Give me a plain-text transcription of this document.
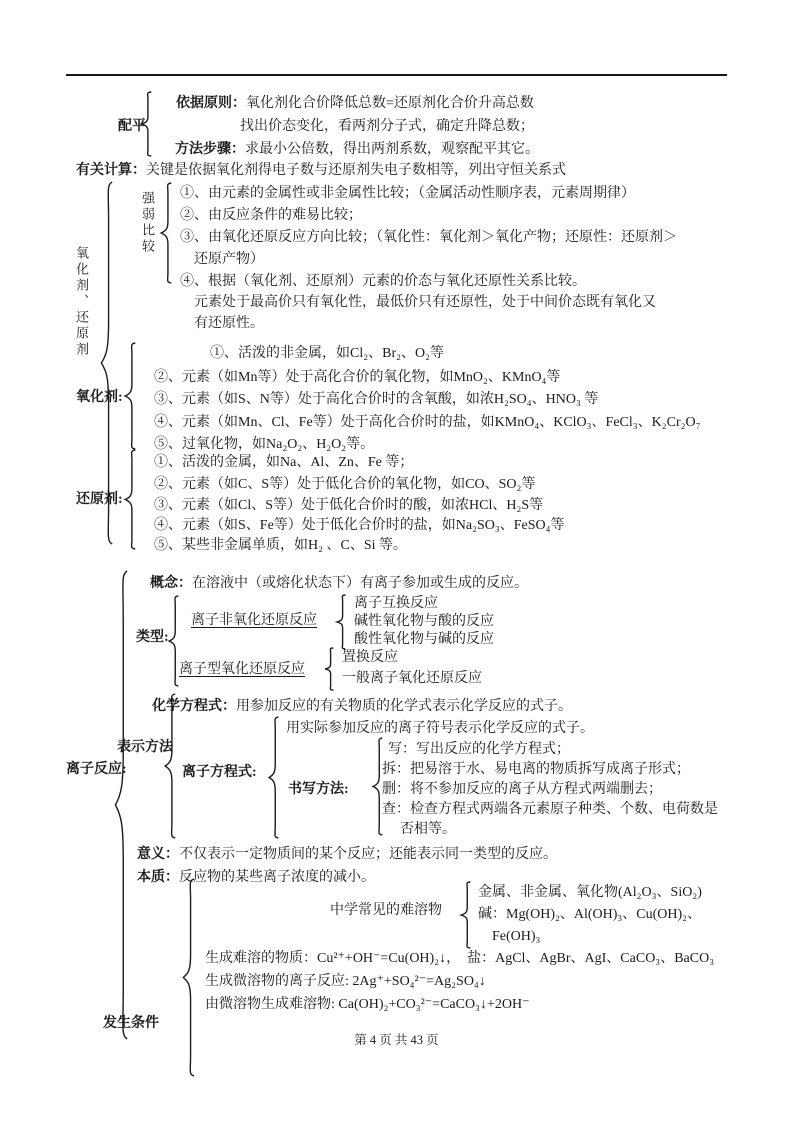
配平
依据原则：氧化剂化合价降低总数=还原剂化合价升高总数
找出价态变化，看两剂分子式，确定升降总数；
方法步骤：求最小公倍数，得出两剂系数，观察配平其它。
有关计算：关键是依据氧化剂得电子数与还原剂失电子数相等，列出守恒关系式
氧化剂、还原剂
强弱比较 ①、由元素的金属性或非金属性比较；（金属活动性顺序表，元素周期律）
②、由反应条件的难易比较；
③、由氧化还原反应方向比较；（氧化性：氧化剂＞氧化产物；还原性：还原剂＞
还原产物）
④、根据（氧化剂、还原剂）元素的价态与氧化还原性关系比较。
元素处于最高价只有氧化性，最低价只有还原性，处于中间价态既有氧化又
有还原性。
氧化剂:
①、活泼的非金属，如Cl₂、Br₂、O₂等
②、元素（如Mn等）处于高化合价的氧化物，如MnO₂、KMnO₄等
③、元素（如S、N等）处于高化合价时的含氧酸，如浓H₂SO₄、HNO₃ 等
④、元素（如Mn、Cl、Fe等）处于高化合价时的盐，如KMnO₄、KClO₃、FeCl₃、K₂Cr₂O₇
⑤、过氧化物，如Na₂O₂、H₂O₂等。
还原剂:
①、活泼的金属，如Na、Al、Zn、Fe 等；
②、元素（如C、S等）处于低化合价的氧化物，如CO、SO₂等
③、元素（如Cl、S等）处于低化合价时的酸，如浓HCl、H₂S等
④、元素（如S、Fe等）处于低化合价时的盐，如Na₂SO₃、FeSO₄等
⑤、某些非金属单质，如H₂ 、C、Si 等。
离子反应:
概念：在溶液中（或熔化状态下）有离子参加或生成的反应。
类型:
离子非氧化还原反应
离子互换反应
碱性氧化物与酸的反应
酸性氧化物与碱的反应
离子型氧化还原反应
置换反应
一般离子氧化还原反应
化学方程式：用参加反应的有关物质的化学式表示化学反应的式子。
表示方法
离子方程式:
用实际参加反应的离子符号表示化学反应的式子。
书写方法:
写：写出反应的化学方程式；
拆：把易溶于水、易电离的物质拆写成离子形式；
删：将不参加反应的离子从方程式两端删去；
查：检查方程式两端各元素原子种类、个数、电荷数是
否相等。
意义：不仅表示一定物质间的某个反应；还能表示同一类型的反应。
本质：反应物的某些离子浓度的减小。
中学常见的难溶物
金属、非金属、氧化物(Al₂O₃、SiO₂)
碱：Mg(OH)₂、Al(OH)₃、Cu(OH)₂、
Fe(OH)₃
生成难溶的物质：Cu²⁺+OH⁻=Cu(OH)₂↓，  盐：AgCl、AgBr、AgI、CaCO₃、BaCO₃
生成微溶物的离子反应: 2Ag⁺+SO₄²⁻=Ag₂SO₄↓
由微溶物生成难溶物: Ca(OH)₂+CO₃²⁻=CaCO₃↓+2OH⁻
发生条件
第 4 页 共 43 页
